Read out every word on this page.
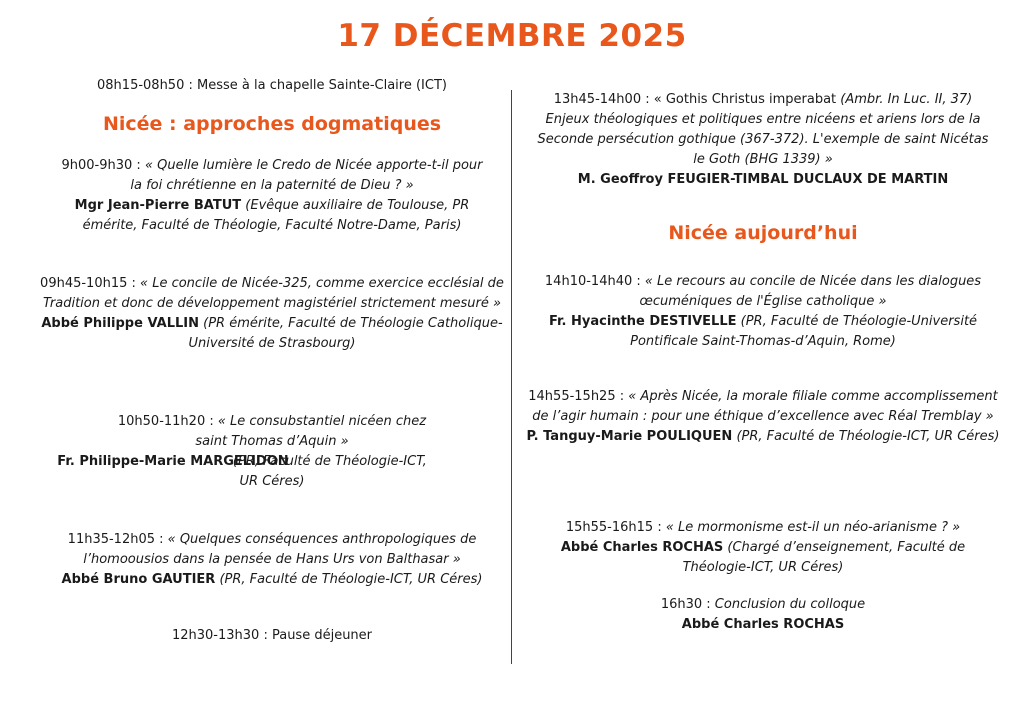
17 DÉCEMBRE 2025
08h15-08h50 : Messe à la chapelle Sainte-Claire (ICT)
Nicée : approches dogmatiques
9h00-9h30 : « Quelle lumière le Credo de Nicée apporte-t-il pour la foi chrétienne en la paternité de Dieu ? »
Mgr Jean-Pierre BATUT (Evêque auxiliaire de Toulouse, PR émérite, Faculté de Théologie, Faculté Notre-Dame, Paris)
09h45-10h15 : « Le concile de Nicée-325, comme exercice ecclésial de Tradition et donc de développement magistériel strictement mesuré »
Abbé Philippe VALLIN (PR émérite, Faculté de Théologie Catholique-Université de Strasbourg)
10h50-11h20 : « Le consubstantiel nicéen chez saint Thomas d’Aquin »
Fr. Philippe-Marie MARGELIDON (PR, Faculté de Théologie-ICT, UR Céres)
11h35-12h05 : « Quelques conséquences anthropologiques de l’homoousios dans la pensée de Hans Urs von Balthasar »
Abbé Bruno GAUTIER (PR, Faculté de Théologie-ICT, UR Céres)
12h30-13h30 : Pause déjeuner
13h45-14h00 : « Gothis Christus imperabat (Ambr. In Luc. II, 37) Enjeux théologiques et politiques entre nicéens et ariens lors de la Seconde persécution gothique (367-372). L'exemple de saint Nicétas le Goth (BHG 1339) »
M. Geoffroy FEUGIER-TIMBAL DUCLAUX DE MARTIN
Nicée aujourd’hui
14h10-14h40 : « Le recours au concile de Nicée dans les dialogues œcuméniques de l'Église catholique »
Fr. Hyacinthe DESTIVELLE (PR, Faculté de Théologie-Université Pontificale Saint-Thomas-d’Aquin, Rome)
14h55-15h25 : « Après Nicée, la morale filiale comme accomplissement de l’agir humain : pour une éthique d’excellence avec Réal Tremblay »
P. Tanguy-Marie POULIQUEN (PR, Faculté de Théologie-ICT, UR Céres)
15h55-16h15 : « Le mormonisme est-il un néo-arianisme ? »
Abbé Charles ROCHAS (Chargé d’enseignement, Faculté de Théologie-ICT, UR Céres)
16h30 : Conclusion du colloque
Abbé Charles ROCHAS
